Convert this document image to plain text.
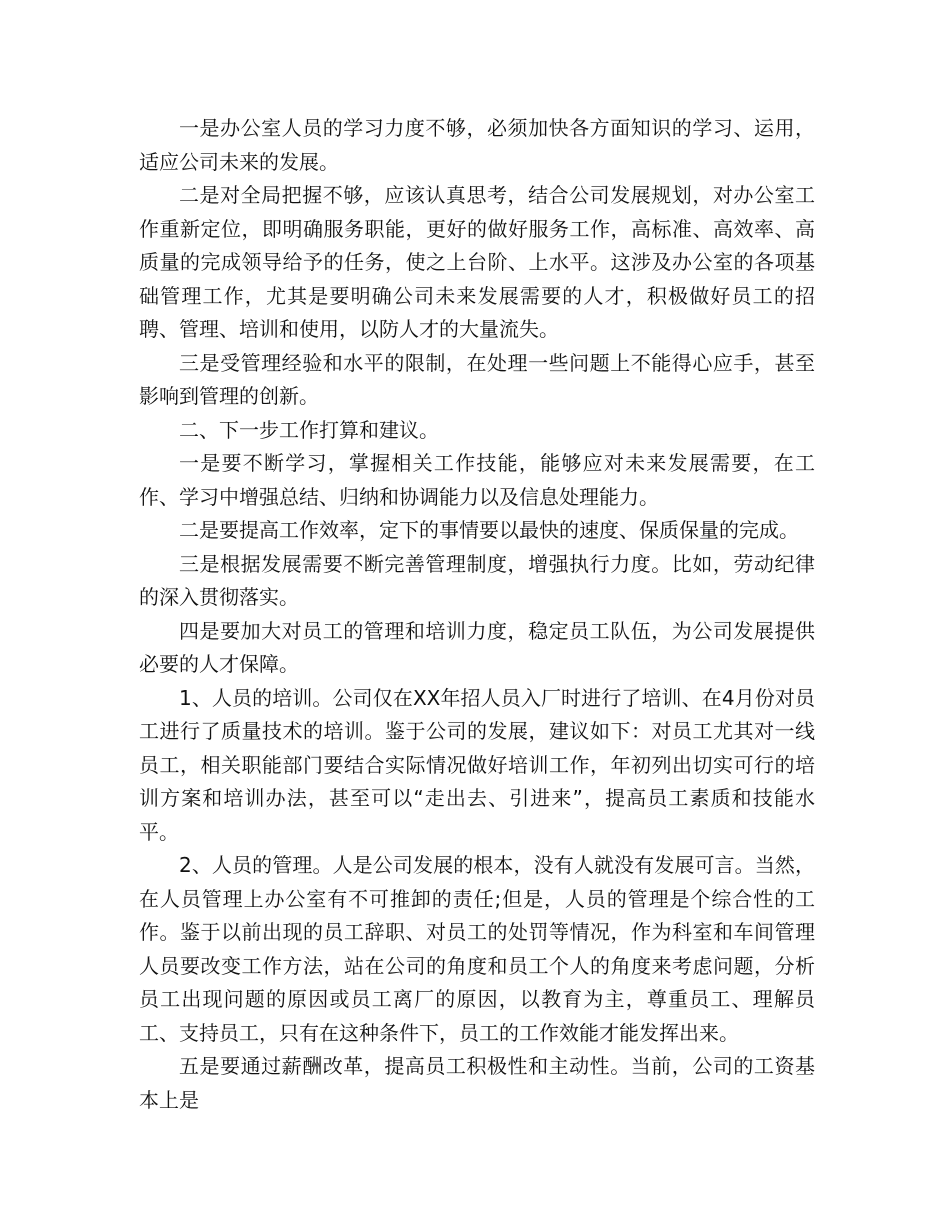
一是办公室人员的学习力度不够，必须加快各方面知识的学习、运用，适应公司未来的发展。

二是对全局把握不够，应该认真思考，结合公司发展规划，对办公室工作重新定位，即明确服务职能，更好的做好服务工作，高标准、高效率、高质量的完成领导给予的任务，使之上台阶、上水平。这涉及办公室的各项基础管理工作，尤其是要明确公司未来发展需要的人才，积极做好员工的招聘、管理、培训和使用，以防人才的大量流失。

三是受管理经验和水平的限制，在处理一些问题上不能得心应手，甚至影响到管理的创新。

二、下一步工作打算和建议。

一是要不断学习，掌握相关工作技能，能够应对未来发展需要，在工作、学习中增强总结、归纳和协调能力以及信息处理能力。

二是要提高工作效率，定下的事情要以最快的速度、保质保量的完成。

三是根据发展需要不断完善管理制度，增强执行力度。比如，劳动纪律的深入贯彻落实。

四是要加大对员工的管理和培训力度，稳定员工队伍，为公司发展提供必要的人才保障。

1、人员的培训。公司仅在XX年招人员入厂时进行了培训、在4月份对员工进行了质量技术的培训。鉴于公司的发展，建议如下：对员工尤其对一线员工，相关职能部门要结合实际情况做好培训工作，年初列出切实可行的培训方案和培训办法，甚至可以“走出去、引进来”，提高员工素质和技能水平。

2、人员的管理。人是公司发展的根本，没有人就没有发展可言。当然，在人员管理上办公室有不可推卸的责任;但是，人员的管理是个综合性的工作。鉴于以前出现的员工辞职、对员工的处罚等情况，作为科室和车间管理人员要改变工作方法，站在公司的角度和员工个人的角度来考虑问题，分析员工出现问题的原因或员工离厂的原因，以教育为主，尊重员工、理解员工、支持员工，只有在这种条件下，员工的工作效能才能发挥出来。

五是要通过薪酬改革，提高员工积极性和主动性。当前，公司的工资基本上是
